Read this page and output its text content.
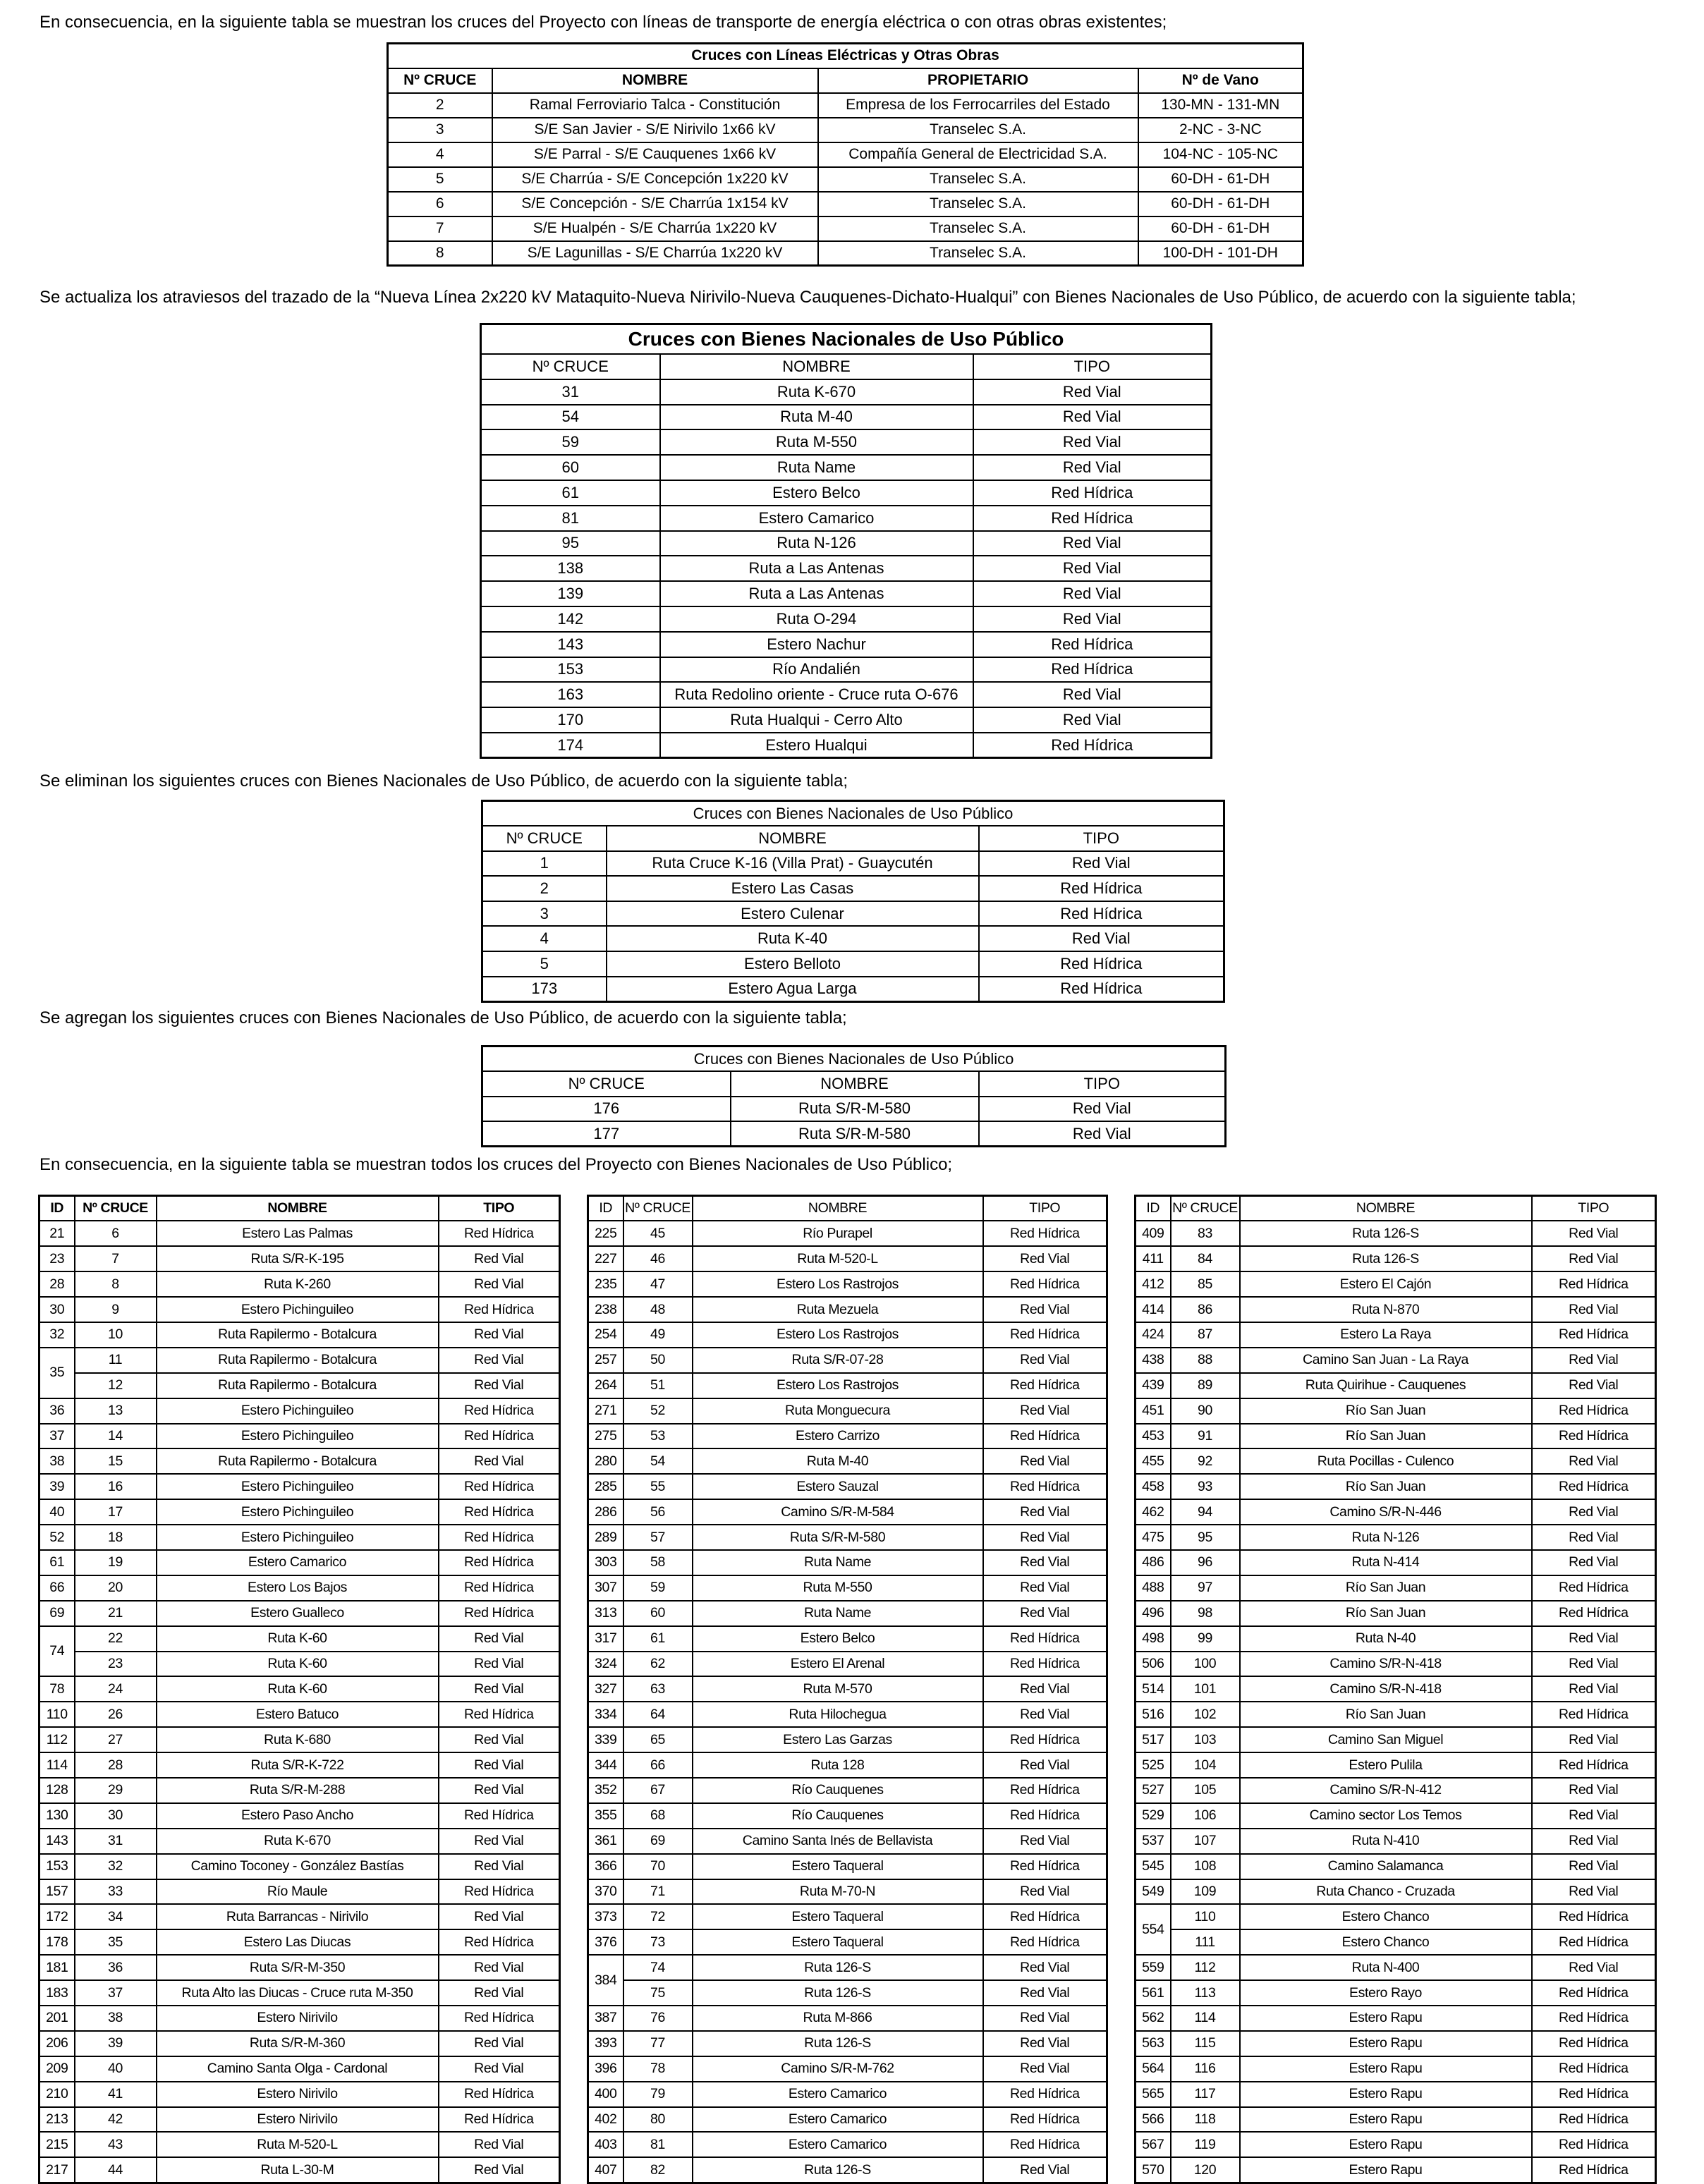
En consecuencia, en la siguiente tabla se muestran los cruces del Proyecto con líneas de transporte de energía eléctrica o con otras obras existentes;

Cruces con Líneas Eléctricas y Otras Obras			
Nº CRUCE	NOMBRE	PROPIETARIO	Nº de Vano
2	Ramal Ferroviario Talca - Constitución	Empresa de los Ferrocarriles del Estado	130-MN - 131-MN
3	S/E San Javier - S/E Nirivilo 1x66 kV	Transelec S.A.	2-NC - 3-NC
4	S/E Parral - S/E Cauquenes 1x66 kV	Compañía General de Electricidad S.A.	104-NC - 105-NC
5	S/E Charrúa - S/E Concepción 1x220 kV	Transelec S.A.	60-DH - 61-DH
6	S/E Concepción - S/E Charrúa 1x154 kV	Transelec S.A.	60-DH - 61-DH
7	S/E Hualpén - S/E Charrúa 1x220 kV	Transelec S.A.	60-DH - 61-DH
8	S/E Lagunillas - S/E Charrúa 1x220 kV	Transelec S.A.	100-DH - 101-DH

Se actualiza los atraviesos del trazado de la “Nueva Línea 2x220 kV Mataquito-Nueva Nirivilo-Nueva Cauquenes-Dichato-Hualqui” con Bienes Nacionales de Uso Público, de acuerdo con la siguiente tabla;

Cruces con Bienes Nacionales de Uso Público		
Nº CRUCE	NOMBRE	TIPO
31	Ruta K-670	Red Vial
54	Ruta M-40	Red Vial
59	Ruta M-550	Red Vial
60	Ruta Name	Red Vial
61	Estero Belco	Red Hídrica
81	Estero Camarico	Red Hídrica
95	Ruta N-126	Red Vial
138	Ruta a Las Antenas	Red Vial
139	Ruta a Las Antenas	Red Vial
142	Ruta O-294	Red Vial
143	Estero Nachur	Red Hídrica
153	Río Andalién	Red Hídrica
163	Ruta Redolino oriente - Cruce ruta O-676	Red Vial
170	Ruta Hualqui - Cerro Alto	Red Vial
174	Estero Hualqui	Red Hídrica

Se eliminan los siguientes cruces con Bienes Nacionales de Uso Público, de acuerdo con la siguiente tabla;

Cruces con Bienes Nacionales de Uso Público		
Nº CRUCE	NOMBRE	TIPO
1	Ruta Cruce K-16 (Villa Prat) - Guaycutén	Red Vial
2	Estero Las Casas	Red Hídrica
3	Estero Culenar	Red Hídrica
4	Ruta K-40	Red Vial
5	Estero Belloto	Red Hídrica
173	Estero Agua Larga	Red Hídrica

Se agregan los siguientes cruces con Bienes Nacionales de Uso Público, de acuerdo con la siguiente tabla;

Cruces con Bienes Nacionales de Uso Público		
Nº CRUCE	NOMBRE	TIPO
176	Ruta S/R-M-580	Red Vial
177	Ruta S/R-M-580	Red Vial

En consecuencia, en la siguiente tabla se muestran todos los cruces del Proyecto con Bienes Nacionales de Uso Público;

ID	Nº CRUCE	NOMBRE	TIPO
21	6	Estero Las Palmas	Red Hídrica
23	7	Ruta S/R-K-195	Red Vial
28	8	Ruta K-260	Red Vial
30	9	Estero Pichinguileo	Red Hídrica
32	10	Ruta Rapilermo - Botalcura	Red Vial
35	11	Ruta Rapilermo - Botalcura	Red Vial
	12	Ruta Rapilermo - Botalcura	Red Vial
36	13	Estero Pichinguileo	Red Hídrica
37	14	Estero Pichinguileo	Red Hídrica
38	15	Ruta Rapilermo - Botalcura	Red Vial
39	16	Estero Pichinguileo	Red Hídrica
40	17	Estero Pichinguileo	Red Hídrica
52	18	Estero Pichinguileo	Red Hídrica
61	19	Estero Camarico	Red Hídrica
66	20	Estero Los Bajos	Red Hídrica
69	21	Estero Gualleco	Red Hídrica
74	22	Ruta K-60	Red Vial
	23	Ruta K-60	Red Vial
78	24	Ruta K-60	Red Vial
110	26	Estero Batuco	Red Hídrica
112	27	Ruta K-680	Red Vial
114	28	Ruta S/R-K-722	Red Vial
128	29	Ruta S/R-M-288	Red Vial
130	30	Estero Paso Ancho	Red Hídrica
143	31	Ruta K-670	Red Vial
153	32	Camino Toconey - González Bastías	Red Vial
157	33	Río Maule	Red Hídrica
172	34	Ruta Barrancas - Nirivilo	Red Vial
178	35	Estero Las Diucas	Red Hídrica
181	36	Ruta S/R-M-350	Red Vial
183	37	Ruta Alto las Diucas - Cruce ruta M-350	Red Vial
201	38	Estero Nirivilo	Red Hídrica
206	39	Ruta S/R-M-360	Red Vial
209	40	Camino Santa Olga - Cardonal	Red Vial
210	41	Estero Nirivilo	Red Hídrica
213	42	Estero Nirivilo	Red Hídrica
215	43	Ruta M-520-L	Red Vial
217	44	Ruta L-30-M	Red Vial
ID	Nº CRUCE	NOMBRE	TIPO
225	45	Río Purapel	Red Hídrica
227	46	Ruta M-520-L	Red Vial
235	47	Estero Los Rastrojos	Red Hídrica
238	48	Ruta Mezuela	Red Vial
254	49	Estero Los Rastrojos	Red Hídrica
257	50	Ruta S/R-07-28	Red Vial
264	51	Estero Los Rastrojos	Red Hídrica
271	52	Ruta Monguecura	Red Vial
275	53	Estero Carrizo	Red Hídrica
280	54	Ruta M-40	Red Vial
285	55	Estero Sauzal	Red Hídrica
286	56	Camino S/R-M-584	Red Vial
289	57	Ruta S/R-M-580	Red Vial
303	58	Ruta Name	Red Vial
307	59	Ruta M-550	Red Vial
313	60	Ruta Name	Red Vial
317	61	Estero Belco	Red Hídrica
324	62	Estero El Arenal	Red Hídrica
327	63	Ruta M-570	Red Vial
334	64	Ruta Hilochegua	Red Vial
339	65	Estero Las Garzas	Red Hídrica
344	66	Ruta 128	Red Vial
352	67	Río Cauquenes	Red Hídrica
355	68	Río Cauquenes	Red Hídrica
361	69	Camino Santa Inés de Bellavista	Red Vial
366	70	Estero Taqueral	Red Hídrica
370	71	Ruta M-70-N	Red Vial
373	72	Estero Taqueral	Red Hídrica
376	73	Estero Taqueral	Red Hídrica
384	74	Ruta 126-S	Red Vial
	75	Ruta 126-S	Red Vial
387	76	Ruta M-866	Red Vial
393	77	Ruta 126-S	Red Vial
396	78	Camino S/R-M-762	Red Vial
400	79	Estero Camarico	Red Hídrica
402	80	Estero Camarico	Red Hídrica
403	81	Estero Camarico	Red Hídrica
407	82	Ruta 126-S	Red Vial
ID	Nº CRUCE	NOMBRE	TIPO
409	83	Ruta 126-S	Red Vial
411	84	Ruta 126-S	Red Vial
412	85	Estero El Cajón	Red Hídrica
414	86	Ruta N-870	Red Vial
424	87	Estero La Raya	Red Hídrica
438	88	Camino San Juan - La Raya	Red Vial
439	89	Ruta Quirihue - Cauquenes	Red Vial
451	90	Río San Juan	Red Hídrica
453	91	Río San Juan	Red Hídrica
455	92	Ruta Pocillas - Culenco	Red Vial
458	93	Río San Juan	Red Hídrica
462	94	Camino S/R-N-446	Red Vial
475	95	Ruta N-126	Red Vial
486	96	Ruta N-414	Red Vial
488	97	Río San Juan	Red Hídrica
496	98	Río San Juan	Red Hídrica
498	99	Ruta N-40	Red Vial
506	100	Camino S/R-N-418	Red Vial
514	101	Camino S/R-N-418	Red Vial
516	102	Río San Juan	Red Hídrica
517	103	Camino San Miguel	Red Vial
525	104	Estero Pulila	Red Hídrica
527	105	Camino S/R-N-412	Red Vial
529	106	Camino sector Los Temos	Red Vial
537	107	Ruta N-410	Red Vial
545	108	Camino Salamanca	Red Vial
549	109	Ruta Chanco - Cruzada	Red Vial
554	110	Estero Chanco	Red Hídrica
	111	Estero Chanco	Red Hídrica
559	112	Ruta N-400	Red Vial
561	113	Estero Rayo	Red Hídrica
562	114	Estero Rapu	Red Hídrica
563	115	Estero Rapu	Red Hídrica
564	116	Estero Rapu	Red Hídrica
565	117	Estero Rapu	Red Hídrica
566	118	Estero Rapu	Red Hídrica
567	119	Estero Rapu	Red Hídrica
570	120	Estero Rapu	Red Hídrica
